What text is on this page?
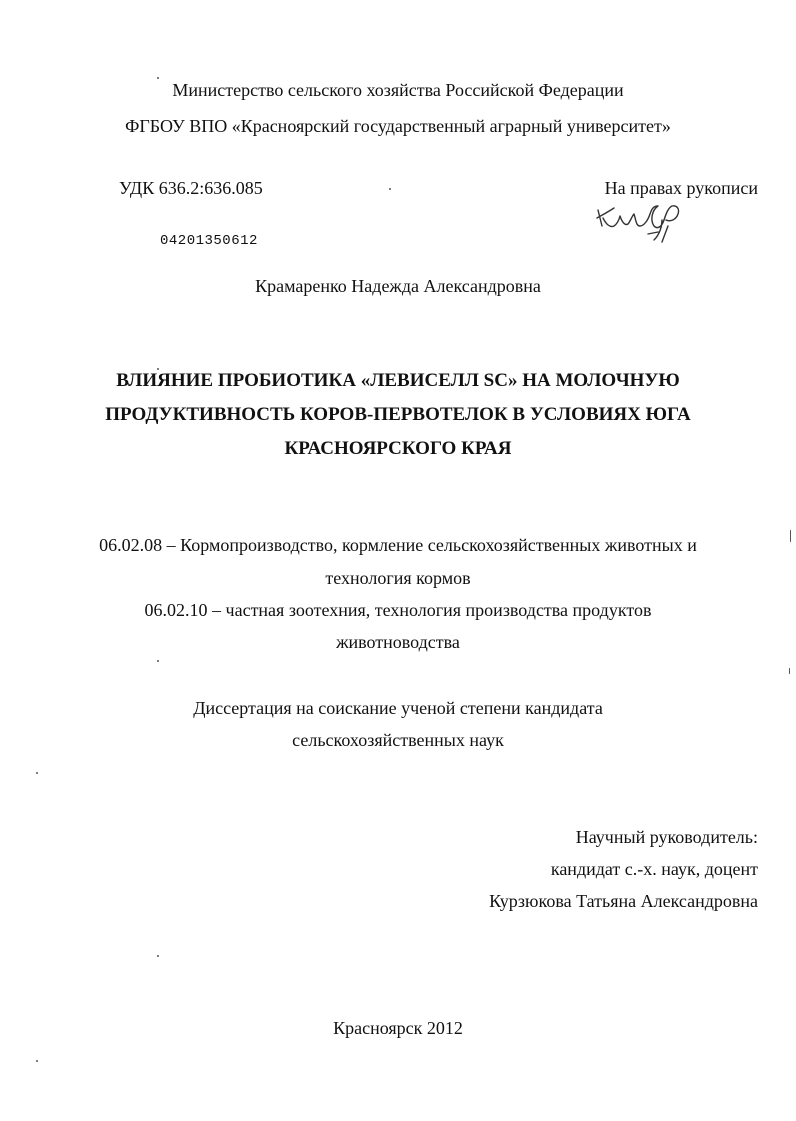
Министерство сельского хозяйства Российской Федерации
ФГБОУ ВПО «Красноярский государственный аграрный университет»
УДК 636.2:636.085	На правах рукописи
04201350612
Крамаренко Надежда Александровна
ВЛИЯНИЕ ПРОБИОТИКА «ЛЕВИСЕЛЛ SC» НА МОЛОЧНУЮ
ПРОДУКТИВНОСТЬ КОРОВ-ПЕРВОТЕЛОК В УСЛОВИЯХ ЮГА
КРАСНОЯРСКОГО КРАЯ
06.02.08 – Кормопроизводство, кормление сельскохозяйственных животных и
технология кормов
06.02.10 – частная зоотехния, технология производства продуктов
животноводства
Диссертация на соискание ученой степени кандидата
сельскохозяйственных наук
Научный руководитель:
кандидат с.-х. наук, доцент
Курзюкова Татьяна Александровна
Красноярск 2012
